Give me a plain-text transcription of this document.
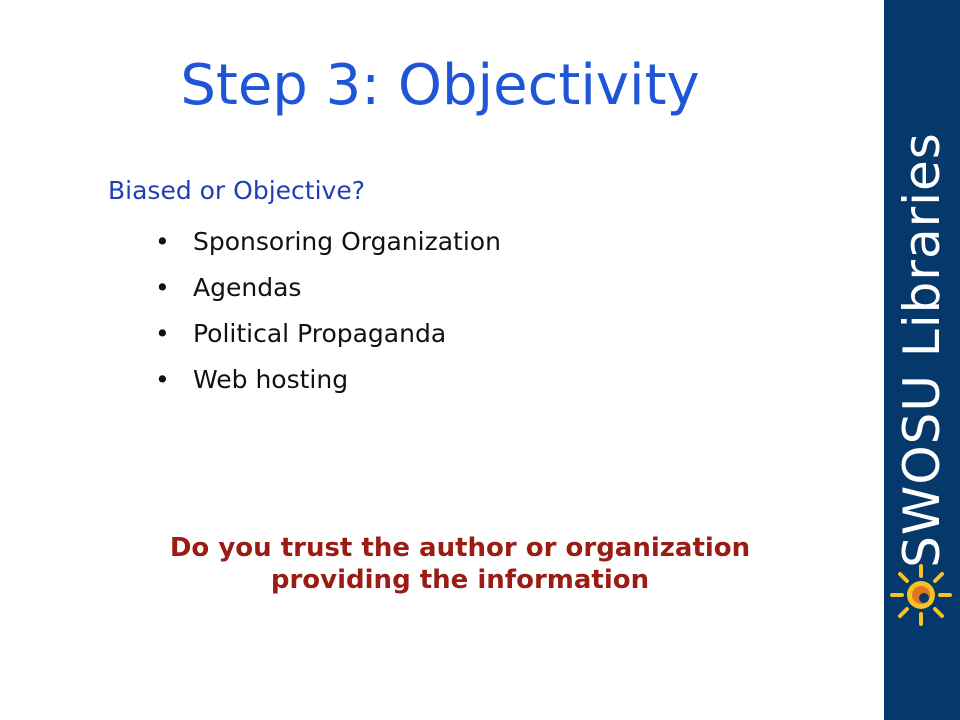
Step 3: Objectivity
Biased or Objective?
• Sponsoring Organization
• Agendas
• Political Propaganda
• Web hosting
Do you trust the author or organization
providing the information
SWOSU Libraries
